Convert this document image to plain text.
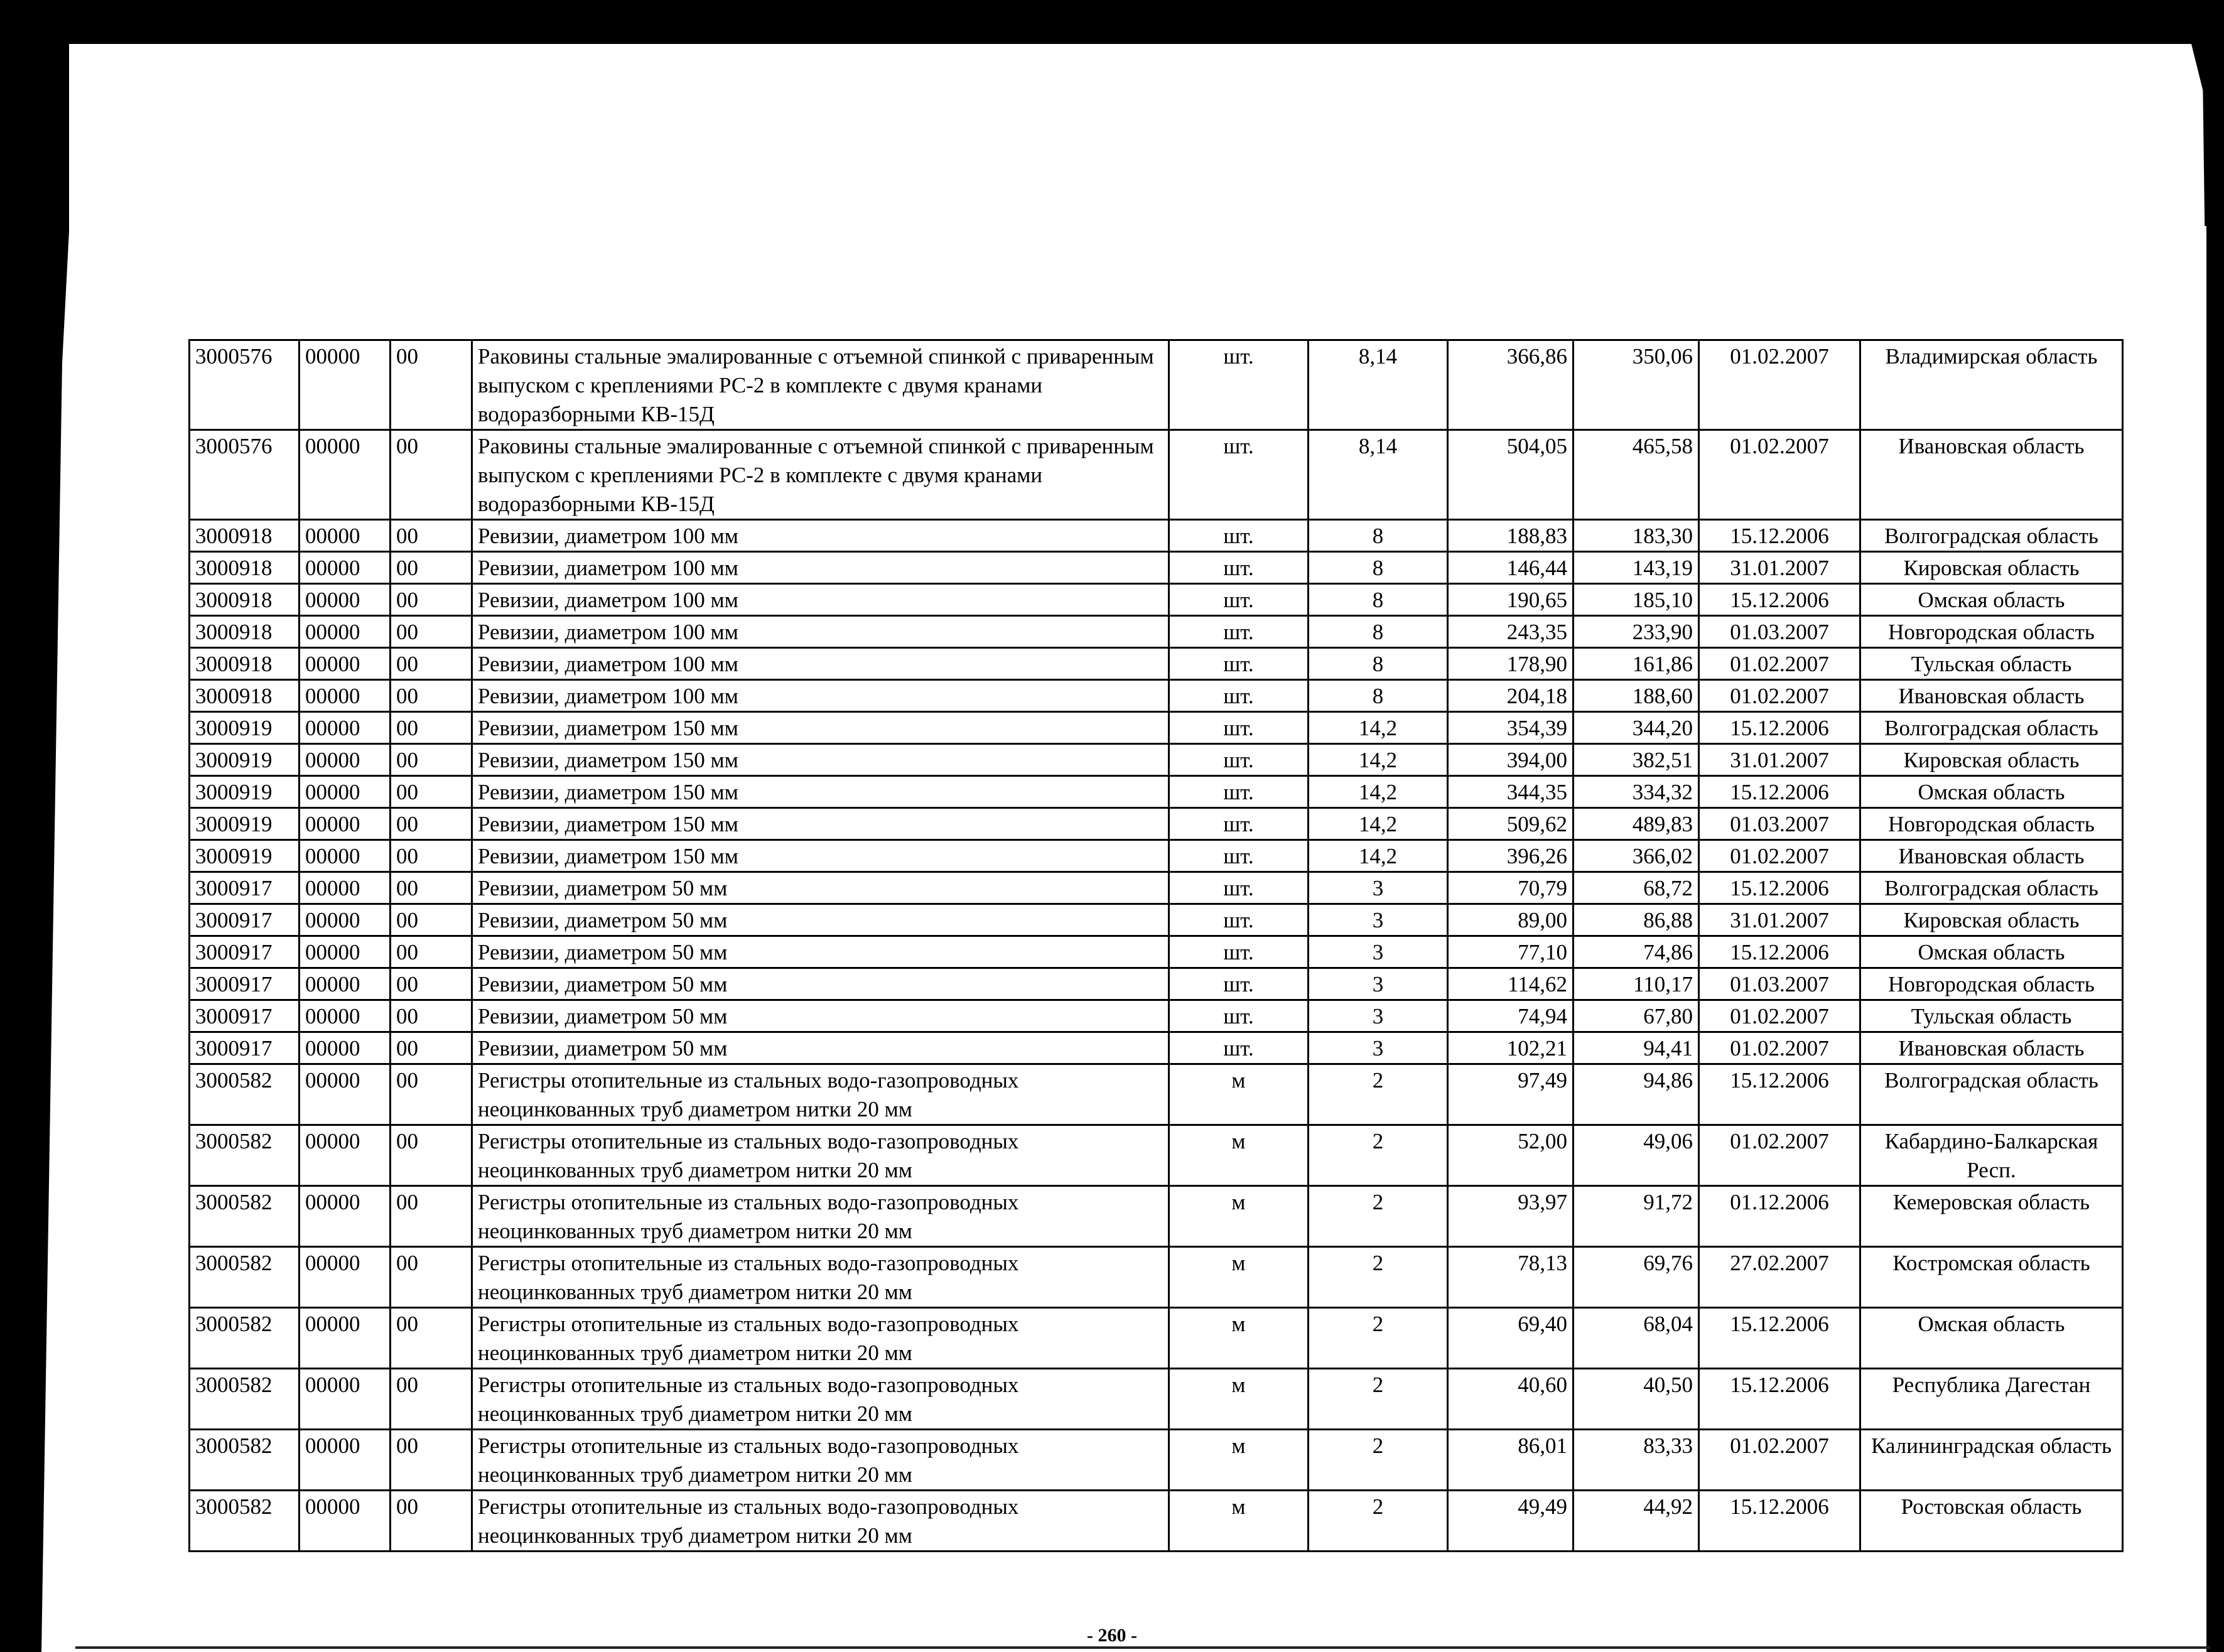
3000576	00000	00	Раковины стальные эмалированные с отъемной спинкой с приваренным выпуском с креплениями РС-2 в комплекте с двумя кранами водоразборными КВ-15Д	шт.	8,14	366,86	350,06	01.02.2007	Владимирская область
3000576	00000	00	Раковины стальные эмалированные с отъемной спинкой с приваренным выпуском с креплениями РС-2 в комплекте с двумя кранами водоразборными КВ-15Д	шт.	8,14	504,05	465,58	01.02.2007	Ивановская область
3000918	00000	00	Ревизии, диаметром 100 мм	шт.	8	188,83	183,30	15.12.2006	Волгоградская область
3000918	00000	00	Ревизии, диаметром 100 мм	шт.	8	146,44	143,19	31.01.2007	Кировская область
3000918	00000	00	Ревизии, диаметром 100 мм	шт.	8	190,65	185,10	15.12.2006	Омская область
3000918	00000	00	Ревизии, диаметром 100 мм	шт.	8	243,35	233,90	01.03.2007	Новгородская область
3000918	00000	00	Ревизии, диаметром 100 мм	шт.	8	178,90	161,86	01.02.2007	Тульская область
3000918	00000	00	Ревизии, диаметром 100 мм	шт.	8	204,18	188,60	01.02.2007	Ивановская область
3000919	00000	00	Ревизии, диаметром 150 мм	шт.	14,2	354,39	344,20	15.12.2006	Волгоградская область
3000919	00000	00	Ревизии, диаметром 150 мм	шт.	14,2	394,00	382,51	31.01.2007	Кировская область
3000919	00000	00	Ревизии, диаметром 150 мм	шт.	14,2	344,35	334,32	15.12.2006	Омская область
3000919	00000	00	Ревизии, диаметром 150 мм	шт.	14,2	509,62	489,83	01.03.2007	Новгородская область
3000919	00000	00	Ревизии, диаметром 150 мм	шт.	14,2	396,26	366,02	01.02.2007	Ивановская область
3000917	00000	00	Ревизии, диаметром 50 мм	шт.	3	70,79	68,72	15.12.2006	Волгоградская область
3000917	00000	00	Ревизии, диаметром 50 мм	шт.	3	89,00	86,88	31.01.2007	Кировская область
3000917	00000	00	Ревизии, диаметром 50 мм	шт.	3	77,10	74,86	15.12.2006	Омская область
3000917	00000	00	Ревизии, диаметром 50 мм	шт.	3	114,62	110,17	01.03.2007	Новгородская область
3000917	00000	00	Ревизии, диаметром 50 мм	шт.	3	74,94	67,80	01.02.2007	Тульская область
3000917	00000	00	Ревизии, диаметром 50 мм	шт.	3	102,21	94,41	01.02.2007	Ивановская область
3000582	00000	00	Регистры отопительные из стальных водо-газопроводных неоцинкованных труб диаметром нитки 20 мм	м	2	97,49	94,86	15.12.2006	Волгоградская область
3000582	00000	00	Регистры отопительные из стальных водо-газопроводных неоцинкованных труб диаметром нитки 20 мм	м	2	52,00	49,06	01.02.2007	Кабардино-Балкарская Респ.
3000582	00000	00	Регистры отопительные из стальных водо-газопроводных неоцинкованных труб диаметром нитки 20 мм	м	2	93,97	91,72	01.12.2006	Кемеровская область
3000582	00000	00	Регистры отопительные из стальных водо-газопроводных неоцинкованных труб диаметром нитки 20 мм	м	2	78,13	69,76	27.02.2007	Костромская область
3000582	00000	00	Регистры отопительные из стальных водо-газопроводных неоцинкованных труб диаметром нитки 20 мм	м	2	69,40	68,04	15.12.2006	Омская область
3000582	00000	00	Регистры отопительные из стальных водо-газопроводных неоцинкованных труб диаметром нитки 20 мм	м	2	40,60	40,50	15.12.2006	Республика Дагестан
3000582	00000	00	Регистры отопительные из стальных водо-газопроводных неоцинкованных труб диаметром нитки 20 мм	м	2	86,01	83,33	01.02.2007	Калининградская область
3000582	00000	00	Регистры отопительные из стальных водо-газопроводных неоцинкованных труб диаметром нитки 20 мм	м	2	49,49	44,92	15.12.2006	Ростовская область
- 260 -
